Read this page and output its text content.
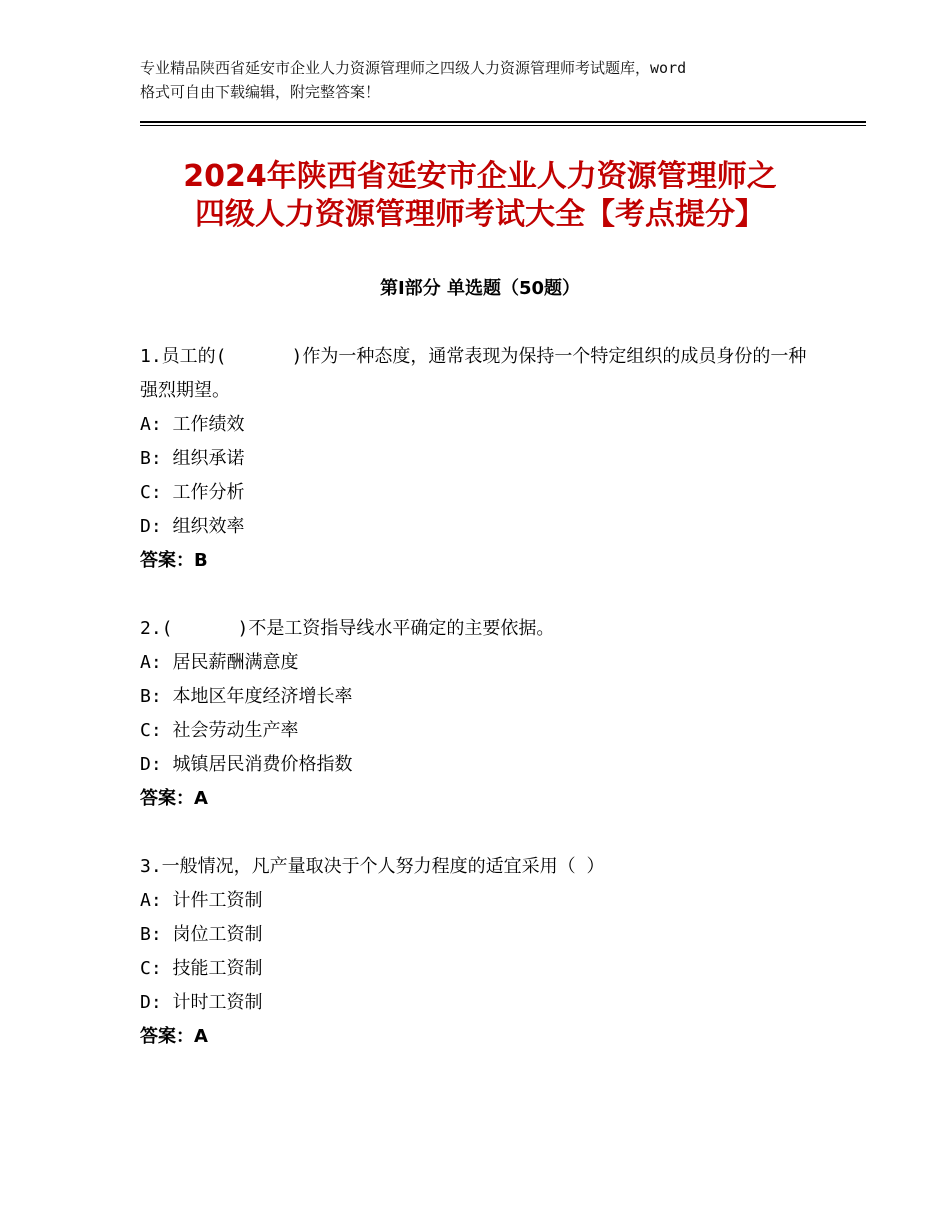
专业精品陕西省延安市企业人力资源管理师之四级人力资源管理师考试题库，word
格式可自由下载编辑，附完整答案！
2024年陕西省延安市企业人力资源管理师之
四级人力资源管理师考试大全【考点提分】
第Ⅰ部分 单选题（50题）

1.员工的(      )作为一种态度，通常表现为保持一个特定组织的成员身份的一种强烈期望。

A: 工作绩效

B: 组织承诺

C: 工作分析

D: 组织效率

答案：B

2.(      )不是工资指导线水平确定的主要依据。

A: 居民薪酬满意度

B: 本地区年度经济增长率

C: 社会劳动生产率

D: 城镇居民消费价格指数

答案：A

3.一般情况，凡产量取决于个人努力程度的适宜采用（ ）

A: 计件工资制

B: 岗位工资制

C: 技能工资制

D: 计时工资制

答案：A
